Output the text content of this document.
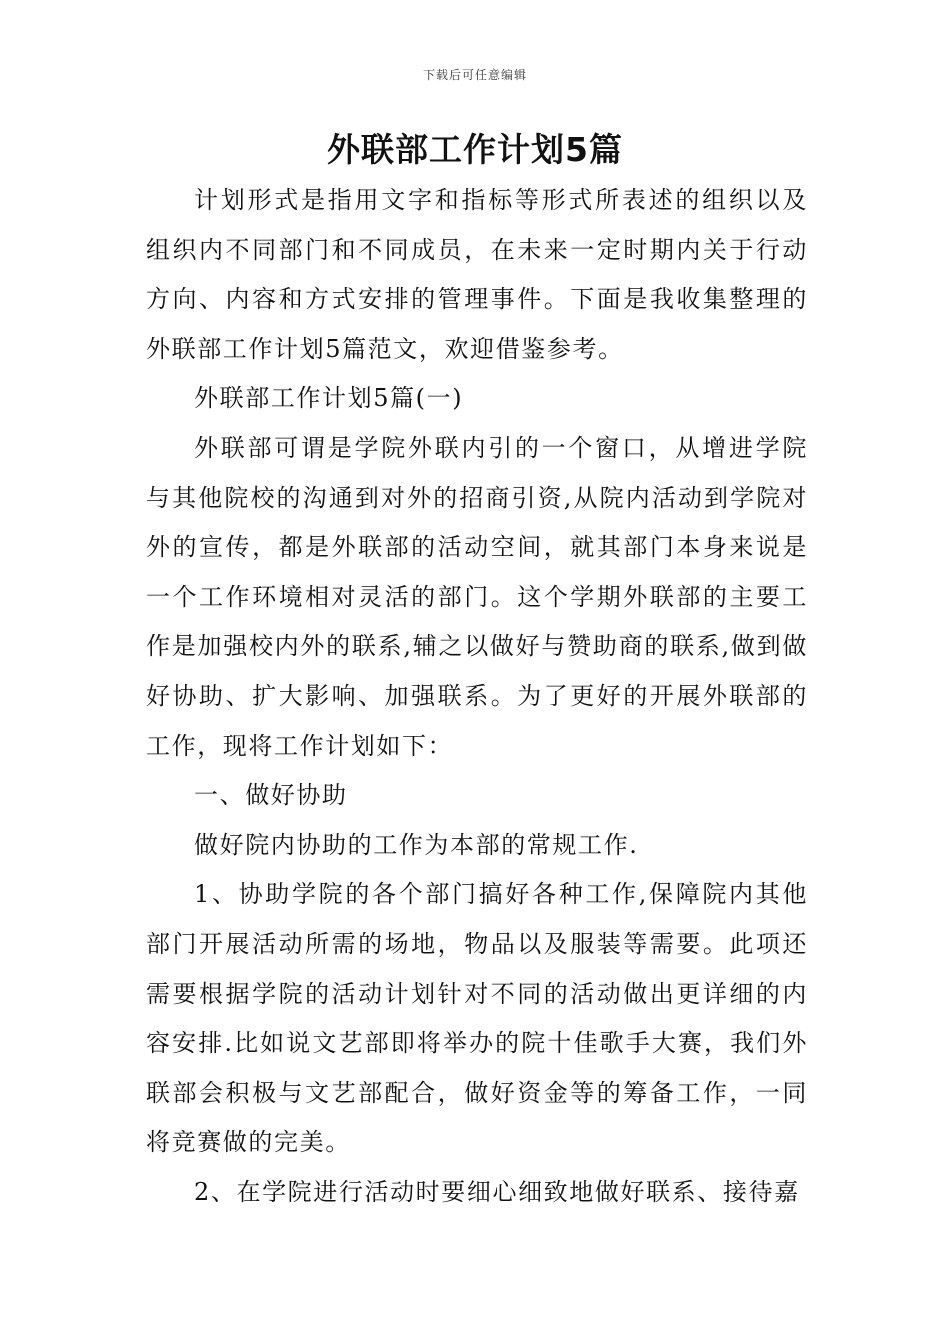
下载后可任意编辑
外联部工作计划5篇

计划形式是指用文字和指标等形式所表述的组织以及组织内不同部门和不同成员，在未来一定时期内关于行动方向、内容和方式安排的管理事件。下面是我收集整理的外联部工作计划5篇范文，欢迎借鉴参考。

外联部工作计划5篇(一)

外联部可谓是学院外联内引的一个窗口，从增进学院与其他院校的沟通到对外的招商引资,从院内活动到学院对外的宣传，都是外联部的活动空间，就其部门本身来说是一个工作环境相对灵活的部门。这个学期外联部的主要工作是加强校内外的联系,辅之以做好与赞助商的联系,做到做好协助、扩大影响、加强联系。为了更好的开展外联部的工作，现将工作计划如下：

一、做好协助

做好院内协助的工作为本部的常规工作.

1、协助学院的各个部门搞好各种工作,保障院内其他部门开展活动所需的场地，物品以及服装等需要。此项还需要根据学院的活动计划针对不同的活动做出更详细的内容安排.比如说文艺部即将举办的院十佳歌手大赛，我们外联部会积极与文艺部配合，做好资金等的筹备工作，一同将竞赛做的完美。

2、在学院进行活动时要细心细致地做好联系、接待嘉
